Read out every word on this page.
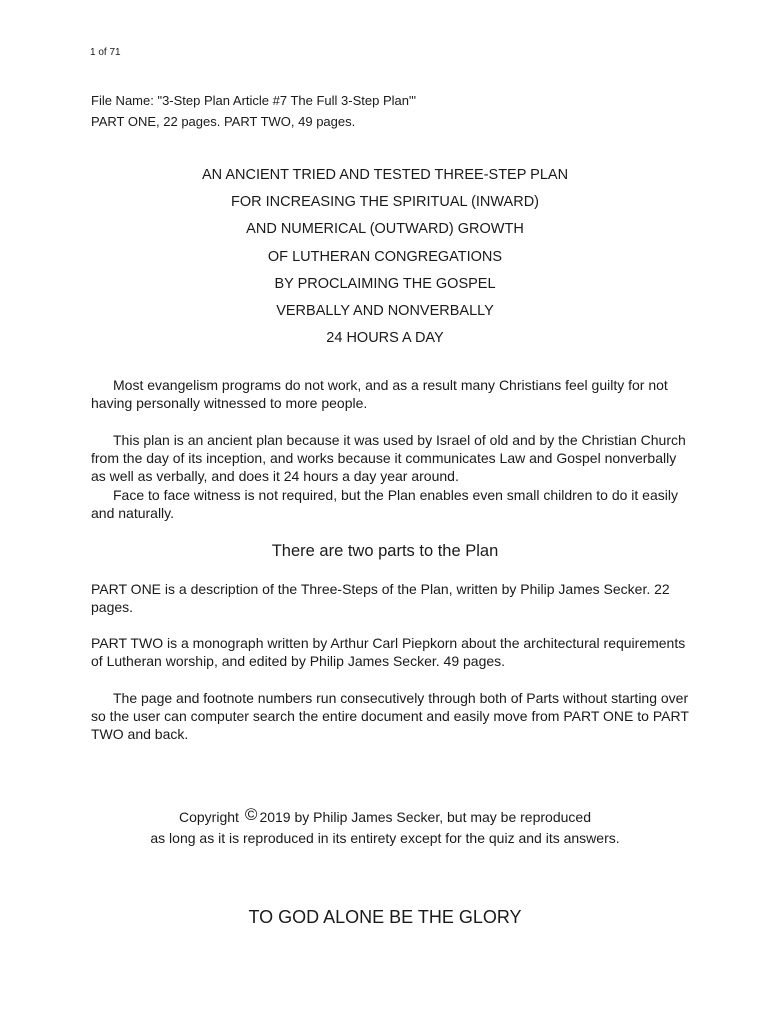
1 of 71
File Name: "3-Step Plan Article #7 The Full 3-Step Plan"'
PART ONE, 22 pages. PART TWO, 49 pages.
AN ANCIENT TRIED AND TESTED THREE-STEP PLAN
FOR INCREASING THE SPIRITUAL (INWARD)
AND NUMERICAL (OUTWARD) GROWTH
OF LUTHERAN CONGREGATIONS
BY PROCLAIMING THE GOSPEL
VERBALLY AND NONVERBALLY
24 HOURS A DAY

Most evangelism programs do not work, and as a result many Christians feel guilty for not having personally witnessed to more people.

This plan is an ancient plan because it was used by Israel of old and by the Christian Church from the day of its inception, and works because it communicates Law and Gospel nonverbally as well as verbally, and does it 24 hours a day year around.

Face to face witness is not required, but the Plan enables even small children to do it easily and naturally.

There are two parts to the Plan

PART ONE is a description of the Three-Steps of the Plan, written by Philip James Secker. 22 pages.

PART TWO is a monograph written by Arthur Carl Piepkorn about the architectural requirements of Lutheran worship, and edited by Philip James Secker. 49 pages.

The page and footnote numbers run consecutively through both of Parts without starting over so the user can computer search the entire document and easily move from PART ONE to PART TWO and back.

Copyright © 2019 by Philip James Secker, but may be reproduced
as long as it is reproduced in its entirety except for the quiz and its answers.
TO GOD ALONE BE THE GLORY
